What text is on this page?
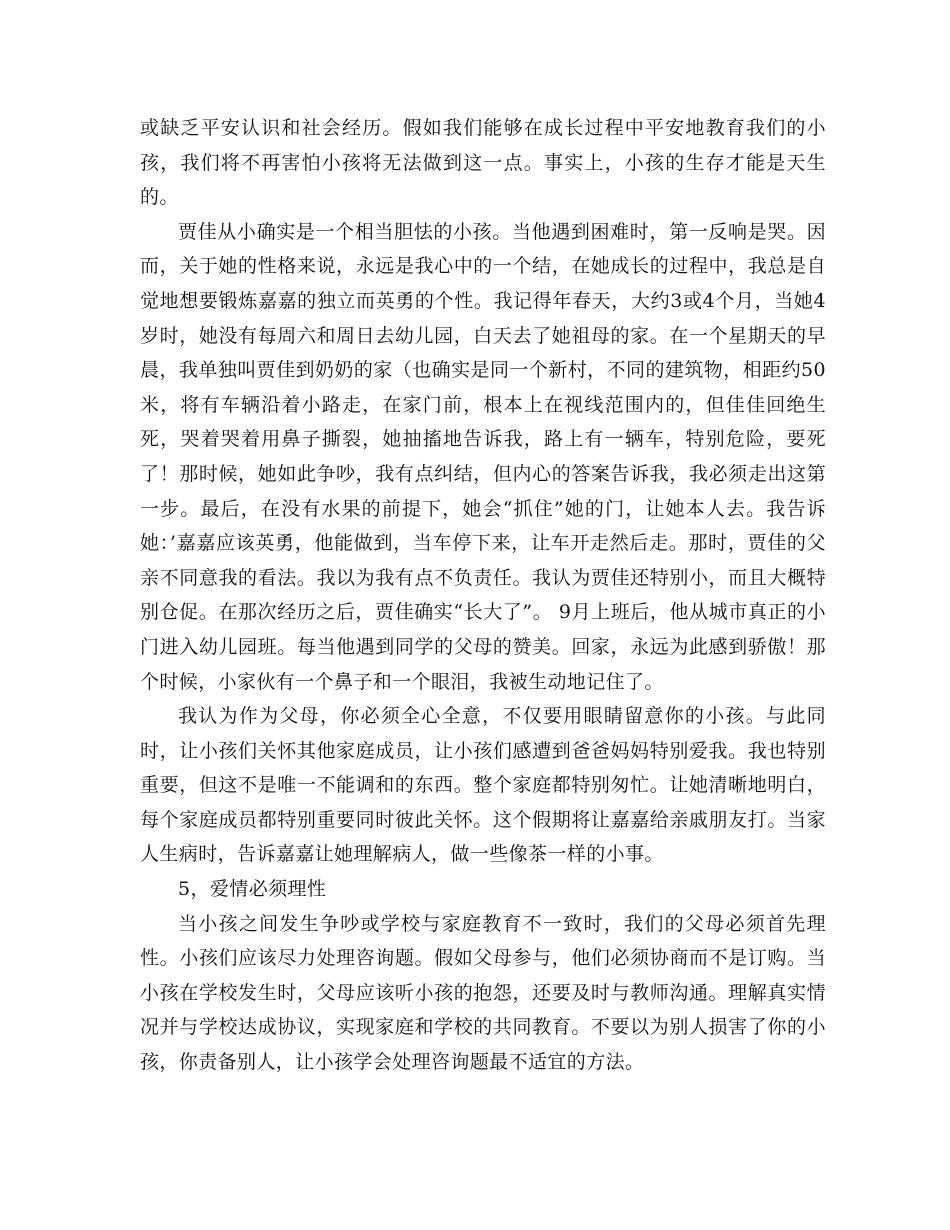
或缺乏平安认识和社会经历。假如我们能够在成长过程中平安地教育我们的小孩，我们将不再害怕小孩将无法做到这一点。事实上，小孩的生存才能是天生的。

贾佳从小确实是一个相当胆怯的小孩。当他遇到困难时，第一反响是哭。因而，关于她的性格来说，永远是我心中的一个结，在她成长的过程中，我总是自觉地想要锻炼嘉嘉的独立而英勇的个性。我记得年春天，大约3或4个月，当她4岁时，她没有每周六和周日去幼儿园，白天去了她祖母的家。在一个星期天的早晨，我单独叫贾佳到奶奶的家（也确实是同一个新村，不同的建筑物，相距约50米，将有车辆沿着小路走，在家门前，根本上在视线范围内的，但佳佳回绝生死，哭着哭着用鼻子撕裂，她抽搐地告诉我，路上有一辆车，特别危险，要死了！那时候，她如此争吵，我有点纠结，但内心的答案告诉我，我必须走出这第一步。最后，在没有水果的前提下，她会“抓住”她的门，让她本人去。我告诉她：’嘉嘉应该英勇，他能做到，当车停下来，让车开走然后走。那时，贾佳的父亲不同意我的看法。我以为我有点不负责任。我认为贾佳还特别小，而且大概特别仓促。在那次经历之后，贾佳确实“长大了”。 9月上班后，他从城市真正的小门进入幼儿园班。每当他遇到同学的父母的赞美。回家，永远为此感到骄傲！那个时候，小家伙有一个鼻子和一个眼泪，我被生动地记住了。

我认为作为父母，你必须全心全意，不仅要用眼睛留意你的小孩。与此同时，让小孩们关怀其他家庭成员，让小孩们感遭到爸爸妈妈特别爱我。我也特别重要，但这不是唯一不能调和的东西。整个家庭都特别匆忙。让她清晰地明白，每个家庭成员都特别重要同时彼此关怀。这个假期将让嘉嘉给亲戚朋友打。当家人生病时，告诉嘉嘉让她理解病人，做一些像茶一样的小事。

5，爱情必须理性

当小孩之间发生争吵或学校与家庭教育不一致时，我们的父母必须首先理性。小孩们应该尽力处理咨询题。假如父母参与，他们必须协商而不是订购。当小孩在学校发生时，父母应该听小孩的抱怨，还要及时与教师沟通。理解真实情况并与学校达成协议，实现家庭和学校的共同教育。不要以为别人损害了你的小孩，你责备别人，让小孩学会处理咨询题最不适宜的方法。
